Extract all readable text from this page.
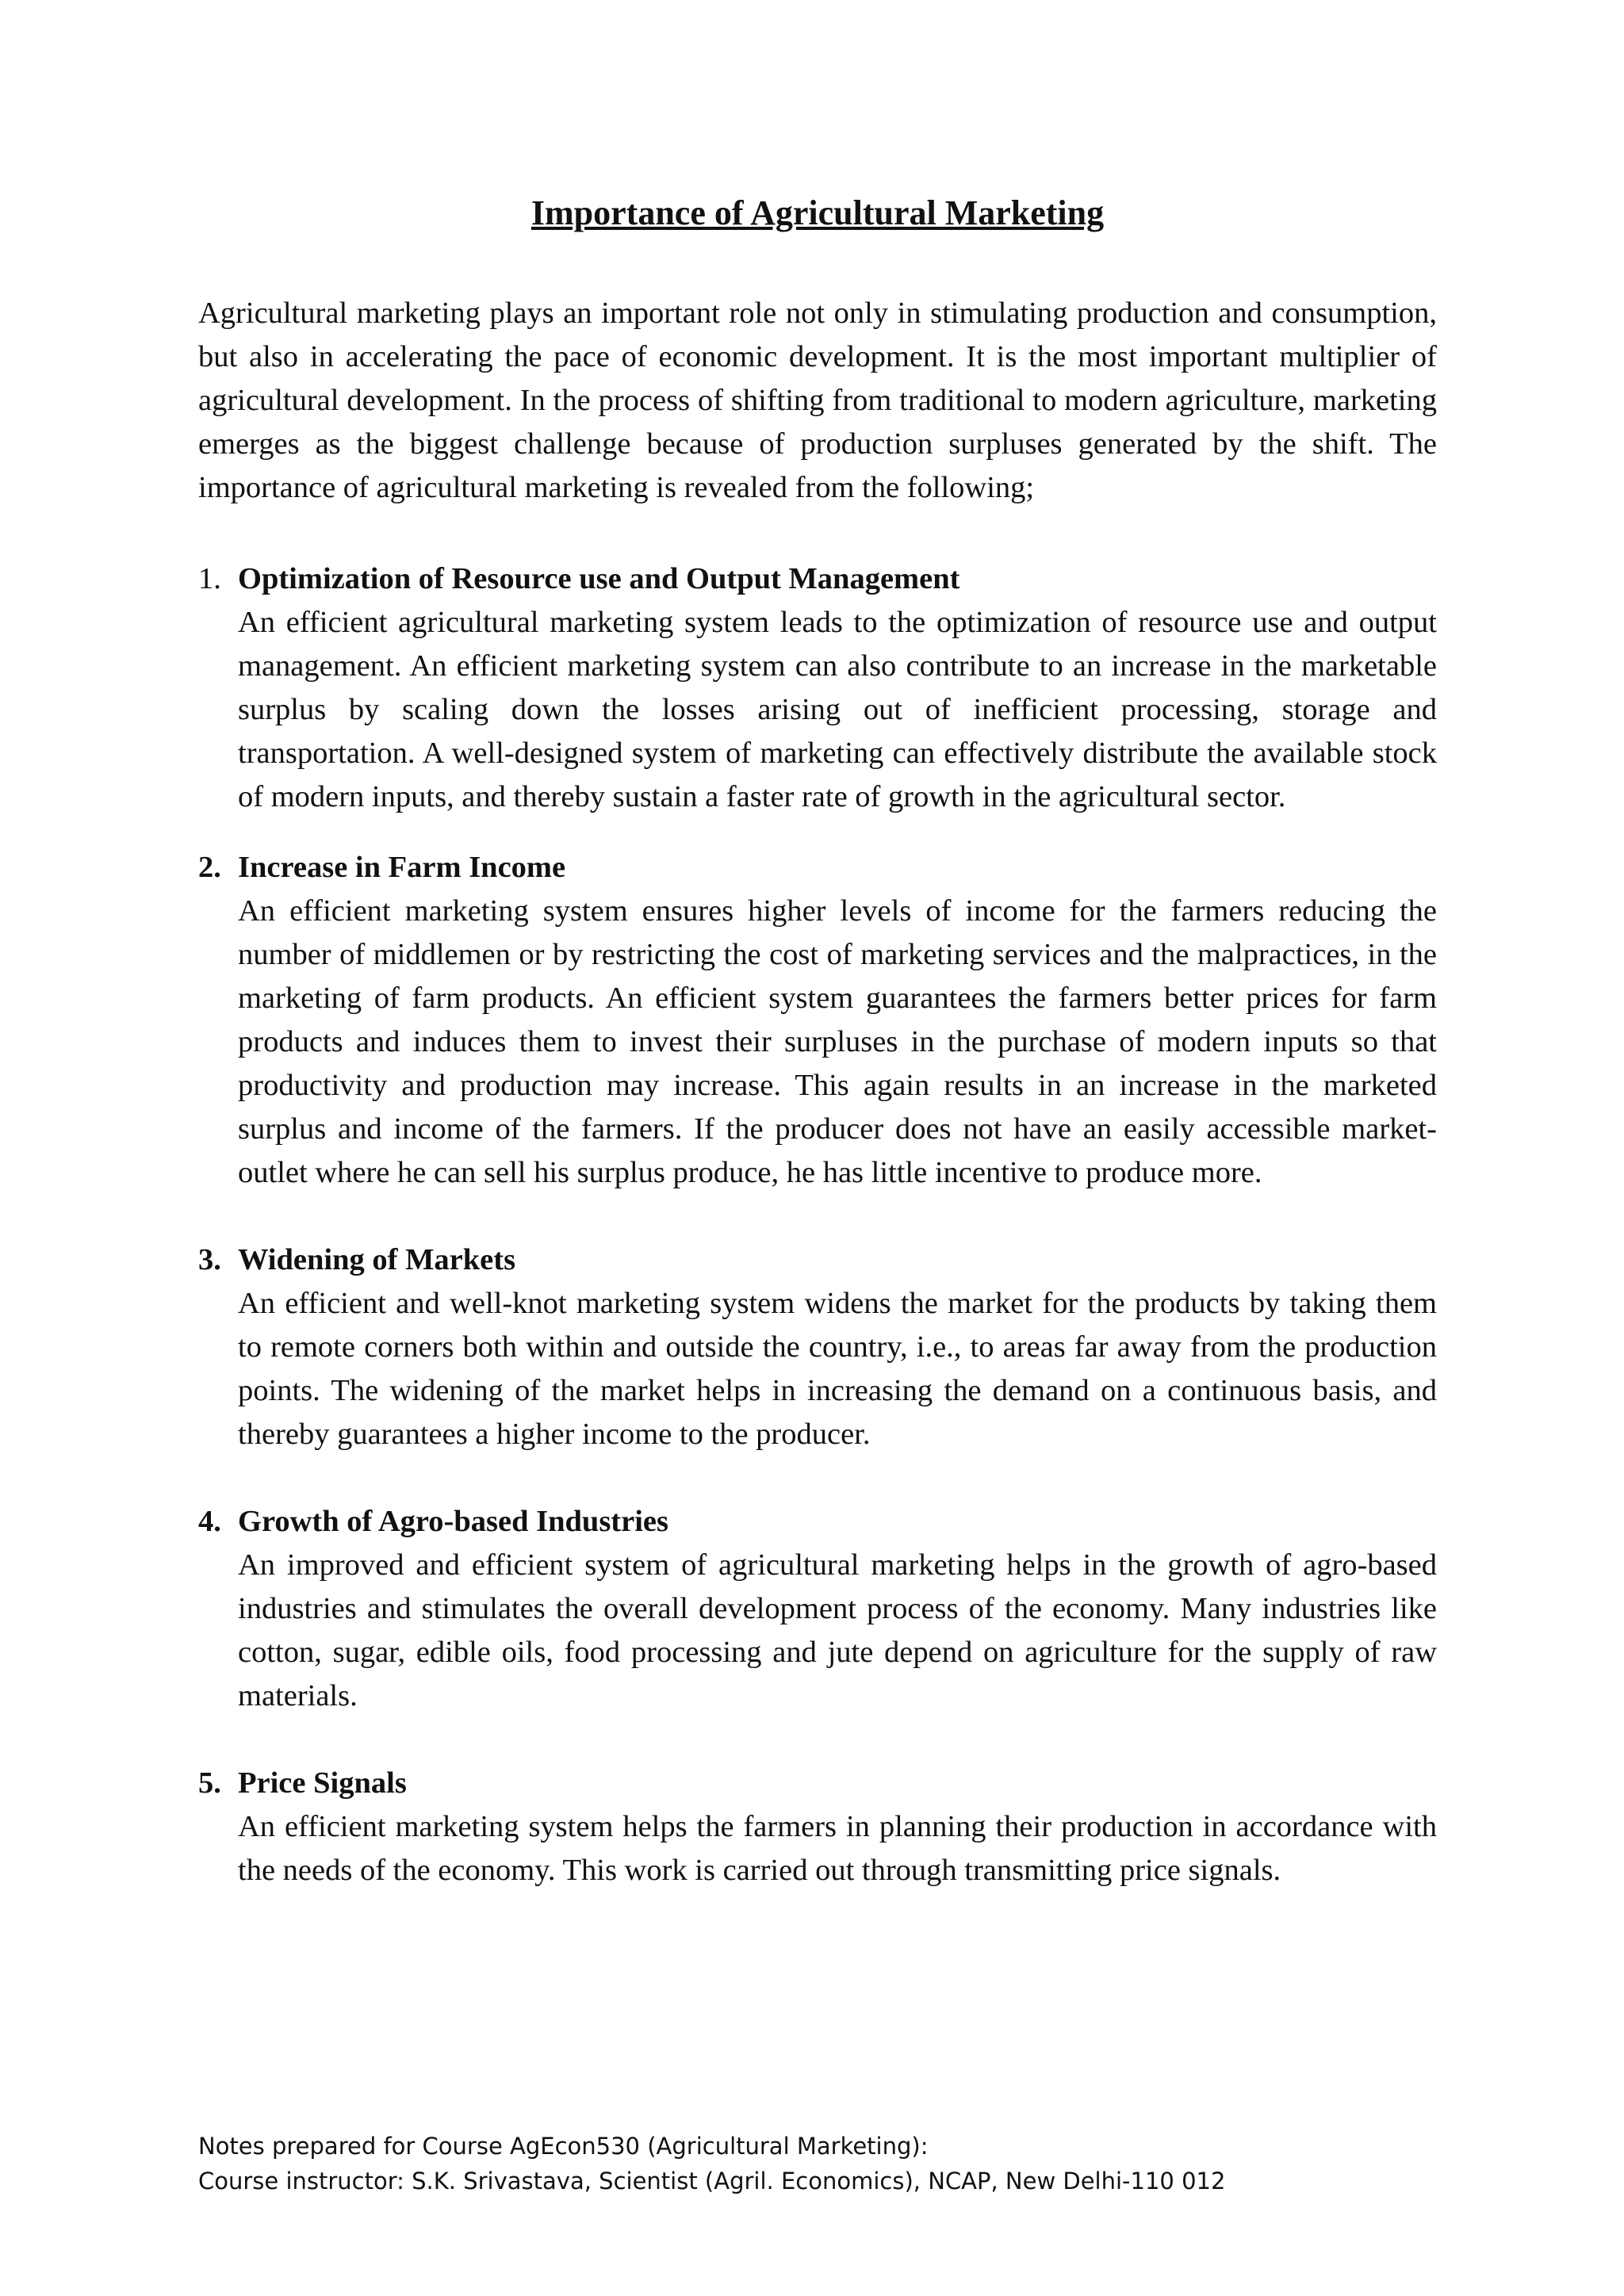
Importance of Agricultural Marketing

Agricultural marketing plays an important role not only in stimulating production and consumption, but also in accelerating the pace of economic development. It is the most important multiplier of agricultural development. In the process of shifting from traditional to modern agriculture, marketing emerges as the biggest challenge because of production surpluses generated by the shift. The importance of agricultural marketing is revealed from the following;

1. Optimization of Resource use and Output Management
An efficient agricultural marketing system leads to the optimization of resource use and output management. An efficient marketing system can also contribute to an increase in the marketable surplus by scaling down the losses arising out of inefficient processing, storage and transportation. A well-designed system of marketing can effectively distribute the available stock of modern inputs, and thereby sustain a faster rate of growth in the agricultural sector.
2. Increase in Farm Income
An efficient marketing system ensures higher levels of income for the farmers reducing the number of middlemen or by restricting the cost of marketing services and the malpractices, in the marketing of farm products. An efficient system guarantees the farmers better prices for farm products and induces them to invest their surpluses in the purchase of modern inputs so that productivity and production may increase. This again results in an increase in the marketed surplus and income of the farmers. If the producer does not have an easily accessible market-outlet where he can sell his surplus produce, he has little incentive to produce more.
3. Widening of Markets
An efficient and well-knot marketing system widens the market for the products by taking them to remote corners both within and outside the country, i.e., to areas far away from the production points. The widening of the market helps in increasing the demand on a continuous basis, and thereby guarantees a higher income to the producer.
4. Growth of Agro-based Industries
An improved and efficient system of agricultural marketing helps in the growth of agro-based industries and stimulates the overall development process of the economy. Many industries like cotton, sugar, edible oils, food processing and jute depend on agriculture for the supply of raw materials.
5. Price Signals
An efficient marketing system helps the farmers in planning their production in accordance with the needs of the economy. This work is carried out through transmitting price signals.
Notes prepared for Course AgEcon530 (Agricultural Marketing):
Course instructor: S.K. Srivastava, Scientist (Agril. Economics), NCAP, New Delhi-110 012
